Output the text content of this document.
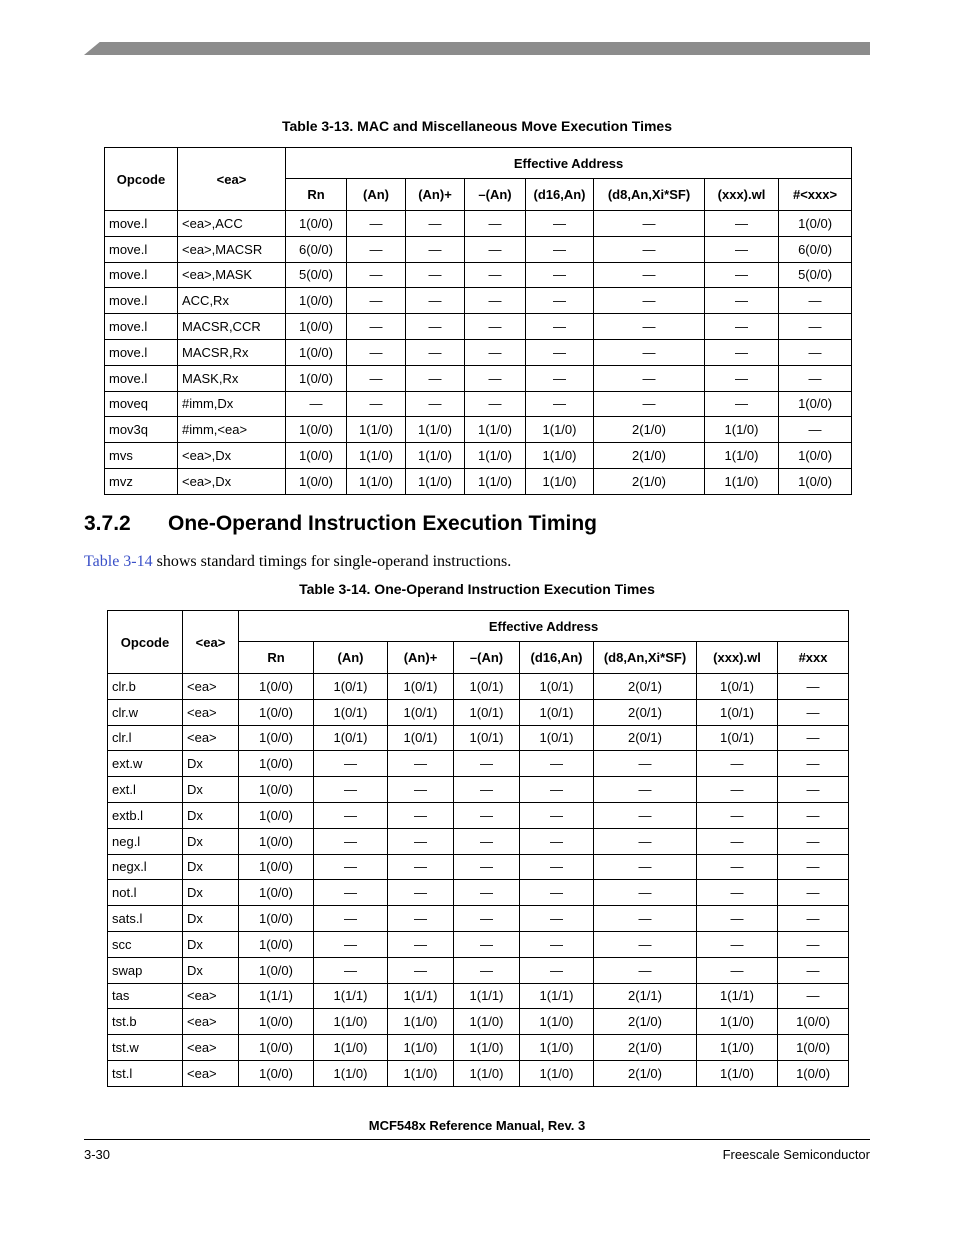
Table 3-13. MAC and Miscellaneous Move Execution Times
Opcode	<ea>	Effective Address							
		Rn	(An)	(An)+	–(An)	(d16,An)	(d8,An,Xi*SF)	(xxx).wl	#<xxx>
move.l	<ea>,ACC	1(0/0)	—	—	—	—	—	—	1(0/0)
move.l	<ea>,MACSR	6(0/0)	—	—	—	—	—	—	6(0/0)
move.l	<ea>,MASK	5(0/0)	—	—	—	—	—	—	5(0/0)
move.l	ACC,Rx	1(0/0)	—	—	—	—	—	—	—
move.l	MACSR,CCR	1(0/0)	—	—	—	—	—	—	—
move.l	MACSR,Rx	1(0/0)	—	—	—	—	—	—	—
move.l	MASK,Rx	1(0/0)	—	—	—	—	—	—	—
moveq	#imm,Dx	—	—	—	—	—	—	—	1(0/0)
mov3q	#imm,<ea>	1(0/0)	1(1/0)	1(1/0)	1(1/0)	1(1/0)	2(1/0)	1(1/0)	—
mvs	<ea>,Dx	1(0/0)	1(1/0)	1(1/0)	1(1/0)	1(1/0)	2(1/0)	1(1/0)	1(0/0)
mvz	<ea>,Dx	1(0/0)	1(1/0)	1(1/0)	1(1/0)	1(1/0)	2(1/0)	1(1/0)	1(0/0)
3.7.2 One-Operand Instruction Execution Timing
Table 3-14 shows standard timings for single-operand instructions.
Table 3-14. One-Operand Instruction Execution Times
Opcode	<ea>	Effective Address							
		Rn	(An)	(An)+	–(An)	(d16,An)	(d8,An,Xi*SF)	(xxx).wl	#xxx
clr.b	<ea>	1(0/0)	1(0/1)	1(0/1)	1(0/1)	1(0/1)	2(0/1)	1(0/1)	—
clr.w	<ea>	1(0/0)	1(0/1)	1(0/1)	1(0/1)	1(0/1)	2(0/1)	1(0/1)	—
clr.l	<ea>	1(0/0)	1(0/1)	1(0/1)	1(0/1)	1(0/1)	2(0/1)	1(0/1)	—
ext.w	Dx	1(0/0)	—	—	—	—	—	—	—
ext.l	Dx	1(0/0)	—	—	—	—	—	—	—
extb.l	Dx	1(0/0)	—	—	—	—	—	—	—
neg.l	Dx	1(0/0)	—	—	—	—	—	—	—
negx.l	Dx	1(0/0)	—	—	—	—	—	—	—
not.l	Dx	1(0/0)	—	—	—	—	—	—	—
sats.l	Dx	1(0/0)	—	—	—	—	—	—	—
scc	Dx	1(0/0)	—	—	—	—	—	—	—
swap	Dx	1(0/0)	—	—	—	—	—	—	—
tas	<ea>	1(1/1)	1(1/1)	1(1/1)	1(1/1)	1(1/1)	2(1/1)	1(1/1)	—
tst.b	<ea>	1(0/0)	1(1/0)	1(1/0)	1(1/0)	1(1/0)	2(1/0)	1(1/0)	1(0/0)
tst.w	<ea>	1(0/0)	1(1/0)	1(1/0)	1(1/0)	1(1/0)	2(1/0)	1(1/0)	1(0/0)
tst.l	<ea>	1(0/0)	1(1/0)	1(1/0)	1(1/0)	1(1/0)	2(1/0)	1(1/0)	1(0/0)
MCF548x Reference Manual, Rev. 3
3-30	Freescale Semiconductor
